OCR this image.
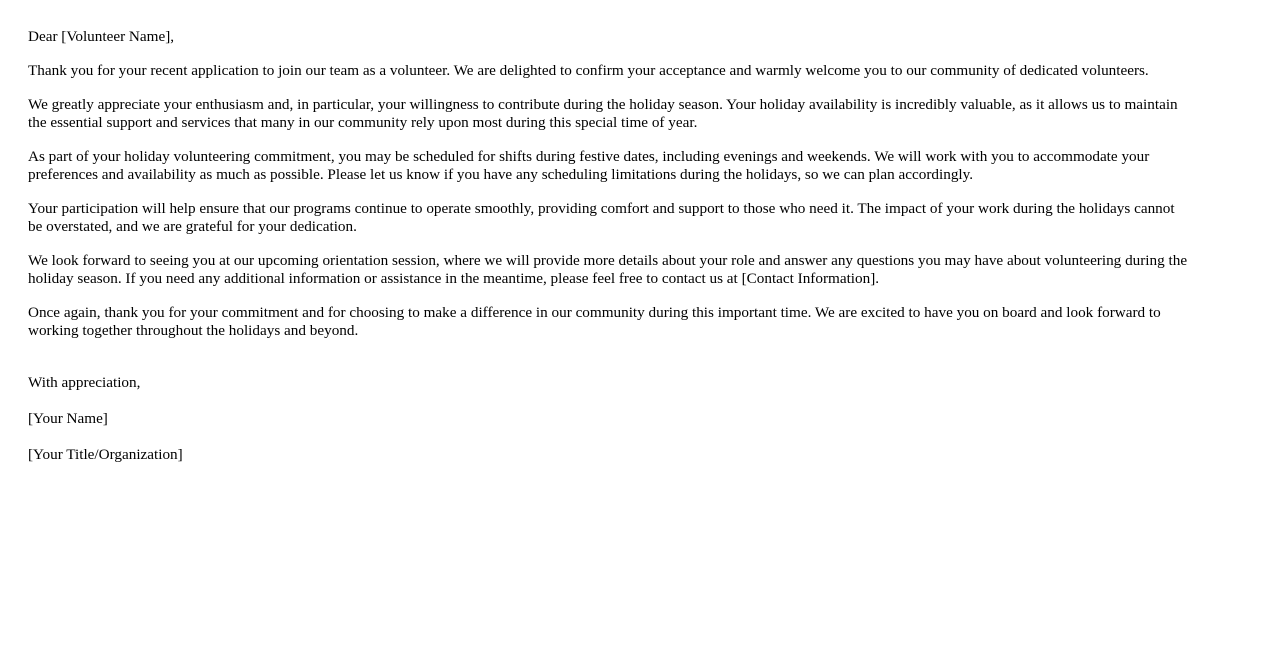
Dear [Volunteer Name],

Thank you for your recent application to join our team as a volunteer. We are delighted to confirm your acceptance and warmly welcome you to our community of dedicated volunteers.

We greatly appreciate your enthusiasm and, in particular, your willingness to contribute during the holiday season. Your holiday availability is incredibly valuable, as it allows us to maintain
the essential support and services that many in our community rely upon most during this special time of year.

As part of your holiday volunteering commitment, you may be scheduled for shifts during festive dates, including evenings and weekends. We will work with you to accommodate your
preferences and availability as much as possible. Please let us know if you have any scheduling limitations during the holidays, so we can plan accordingly.

Your participation will help ensure that our programs continue to operate smoothly, providing comfort and support to those who need it. The impact of your work during the holidays cannot
be overstated, and we are grateful for your dedication.

We look forward to seeing you at our upcoming orientation session, where we will provide more details about your role and answer any questions you may have about volunteering during the
holiday season. If you need any additional information or assistance in the meantime, please feel free to contact us at [Contact Information].

Once again, thank you for your commitment and for choosing to make a difference in our community during this important time. We are excited to have you on board and look forward to
working together throughout the holidays and beyond.

With appreciation,

[Your Name]

[Your Title/Organization]
